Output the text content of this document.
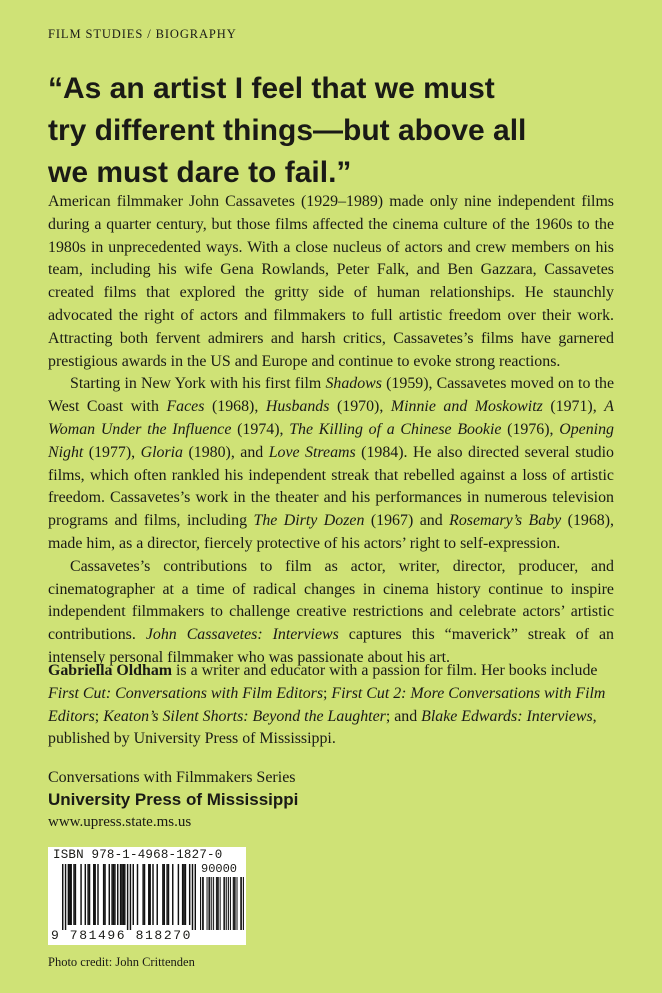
FILM STUDIES / BIOGRAPHY
“As an artist I feel that we must
try different things—but above all
we must dare to fail.”

American filmmaker John Cassavetes (1929–1989) made only nine independent films during a quarter century, but those films affected the cinema culture of the 1960s to the 1980s in unprecedented ways. With a close nucleus of actors and crew members on his team, including his wife Gena Rowlands, Peter Falk, and Ben Gazzara, Cassavetes created films that explored the gritty side of human relationships. He staunchly advocated the right of actors and filmmakers to full artistic freedom over their work. Attracting both fervent admirers and harsh critics, Cassavetes’s films have garnered prestigious awards in the US and Europe and continue to evoke strong reactions.

Starting in New York with his first film Shadows (1959), Cassavetes moved on to the West Coast with Faces (1968), Husbands (1970), Minnie and Moskowitz (1971), A Woman Under the Influence (1974), The Killing of a Chinese Bookie (1976), Opening Night (1977), Gloria (1980), and Love Streams (1984). He also directed several studio films, which often rankled his independent streak that rebelled against a loss of artistic freedom. Cassavetes’s work in the theater and his performances in numerous television programs and films, including The Dirty Dozen (1967) and Rosemary’s Baby (1968), made him, as a director, fiercely protective of his actors’ right to self-expression.

Cassavetes’s contributions to film as actor, writer, director, producer, and cinematographer at a time of radical changes in cinema history continue to inspire independent filmmakers to challenge creative restrictions and celebrate actors’ artistic contributions. John Cassavetes: Interviews captures this “maverick” streak of an intensely personal filmmaker who was passionate about his art.

Gabriella Oldham is a writer and educator with a passion for film. Her books include First Cut: Conversations with Film Editors; First Cut 2: More Conversations with Film Editors; Keaton’s Silent Shorts: Beyond the Laughter; and Blake Edwards: Interviews, published by University Press of Mississippi.

Conversations with Filmmakers Series
University Press of Mississippi
www.upress.state.ms.us
ISBN 978-1-4968-1827-0
90000
9 781496 818270
Photo credit: John Crittenden
